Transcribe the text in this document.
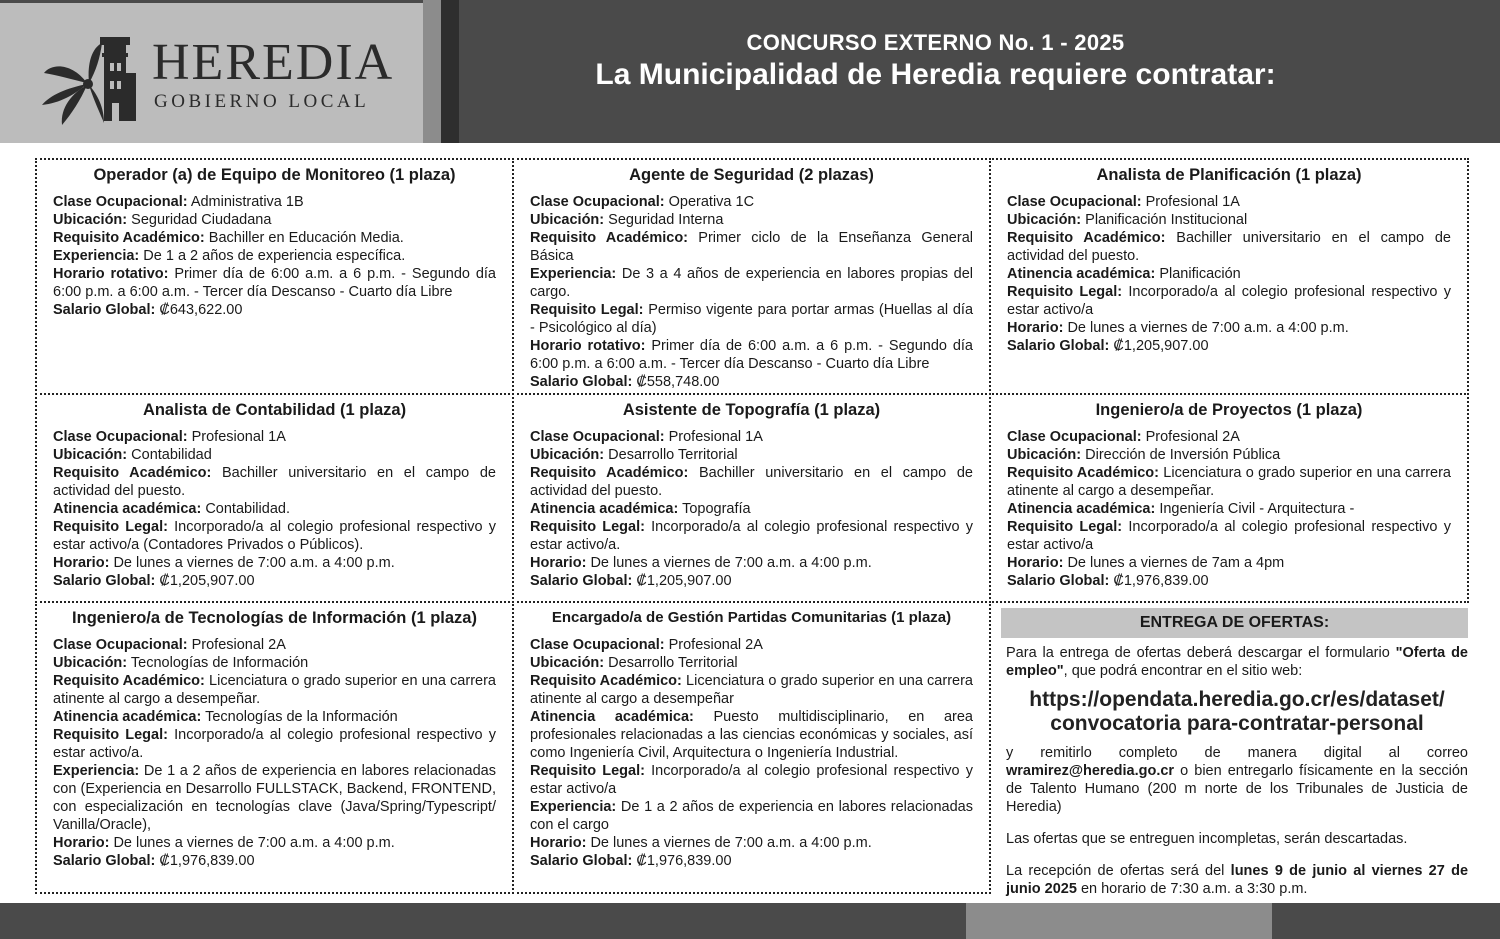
HEREDIA
GOBIERNO LOCAL
CONCURSO EXTERNO No. 1 - 2025
La Municipalidad de Heredia requiere contratar:
Operador (a) de Equipo de Monitoreo (1 plaza)
Clase Ocupacional: Administrativa 1B
Ubicación: Seguridad Ciudadana
Requisito Académico: Bachiller en Educación Media.
Experiencia: De 1 a 2 años de experiencia específica.
Horario rotativo: Primer día de 6:00 a.m. a 6 p.m. - Segundo día 6:00 p.m. a 6:00 a.m. - Tercer día Descanso - Cuarto día Libre
Salario Global: ₡643,622.00
Agente de Seguridad (2 plazas)
Clase Ocupacional: Operativa 1C
Ubicación: Seguridad Interna
Requisito Académico: Primer ciclo de la Enseñanza General Básica
Experiencia: De 3 a 4 años de experiencia en labores propias del cargo.
Requisito Legal: Permiso vigente para portar armas (Huellas al día - Psicológico al día)
Horario rotativo: Primer día de 6:00 a.m. a 6 p.m. - Segundo día 6:00 p.m. a 6:00 a.m. - Tercer día Descanso - Cuarto día Libre
Salario Global: ₡558,748.00
Analista de Planificación (1 plaza)
Clase Ocupacional: Profesional 1A
Ubicación: Planificación Institucional
Requisito Académico: Bachiller universitario en el campo de actividad del puesto.
Atinencia académica: Planificación
Requisito Legal: Incorporado/a al colegio profesional respectivo y estar activo/a
Horario: De lunes a viernes de 7:00 a.m. a 4:00 p.m.
Salario Global: ₡1,205,907.00
Analista de Contabilidad (1 plaza)
Clase Ocupacional: Profesional 1A
Ubicación: Contabilidad
Requisito Académico: Bachiller universitario en el campo de actividad del puesto.
Atinencia académica: Contabilidad.
Requisito Legal: Incorporado/a al colegio profesional respectivo y estar activo/a (Contadores Privados o Públicos).
Horario: De lunes a viernes de 7:00 a.m. a 4:00 p.m.
Salario Global: ₡1,205,907.00
Asistente de Topografía (1 plaza)
Clase Ocupacional: Profesional 1A
Ubicación: Desarrollo Territorial
Requisito Académico: Bachiller universitario en el campo de actividad del puesto.
Atinencia académica: Topografía
Requisito Legal: Incorporado/a al colegio profesional respectivo y estar activo/a.
Horario: De lunes a viernes de 7:00 a.m. a 4:00 p.m.
Salario Global: ₡1,205,907.00
Ingeniero/a de Proyectos (1 plaza)
Clase Ocupacional: Profesional 2A
Ubicación: Dirección de Inversión Pública
Requisito Académico: Licenciatura o grado superior en una carrera atinente al cargo a desempeñar.
Atinencia académica: Ingeniería Civil - Arquitectura -
Requisito Legal: Incorporado/a al colegio profesional respectivo y estar activo/a
Horario: De lunes a viernes de 7am a 4pm
Salario Global: ₡1,976,839.00
Ingeniero/a de Tecnologías de Información (1 plaza)
Clase Ocupacional: Profesional 2A
Ubicación: Tecnologías de Información
Requisito Académico: Licenciatura o grado superior en una carrera atinente al cargo a desempeñar.
Atinencia académica: Tecnologías de la Información
Requisito Legal: Incorporado/a al colegio profesional respectivo y estar activo/a.
Experiencia: De 1 a 2 años de experiencia en labores relacionadas con (Experiencia en Desarrollo FULLSTACK, Backend, FRONTEND, con especialización en tecnologías clave (Java/Spring/Typescript/ Vanilla/Oracle),
Horario: De lunes a viernes de 7:00 a.m. a 4:00 p.m.
Salario Global: ₡1,976,839.00
Encargado/a de Gestión Partidas Comunitarias (1 plaza)
Clase Ocupacional: Profesional 2A
Ubicación: Desarrollo Territorial
Requisito Académico: Licenciatura o grado superior en una carrera atinente al cargo a desempeñar
Atinencia académica: Puesto multidisciplinario, en area profesionales relacionadas a las ciencias económicas y sociales, así como Ingeniería Civil, Arquitectura o Ingeniería Industrial.
Requisito Legal: Incorporado/a al colegio profesional respectivo y estar activo/a
Experiencia: De 1 a 2 años de experiencia en labores relacionadas con el cargo
Horario: De lunes a viernes de 7:00 a.m. a 4:00 p.m.
Salario Global: ₡1,976,839.00
ENTREGA DE OFERTAS:
Para la entrega de ofertas deberá descargar el formulario "Oferta de empleo", que podrá encontrar en el sitio web:
https://opendata.heredia.go.cr/es/dataset/
convocatoria para-contratar-personal

y remitirlo completo de manera digital al correo wramirez@heredia.go.cr o bien entregarlo físicamente en la sección de Talento Humano (200 m norte de los Tribunales de Justicia de Heredia)

Las ofertas que se entreguen incompletas, serán descartadas.

La recepción de ofertas será del lunes 9 de junio al viernes 27 de junio 2025 en horario de 7:30 a.m. a 3:30 p.m.
